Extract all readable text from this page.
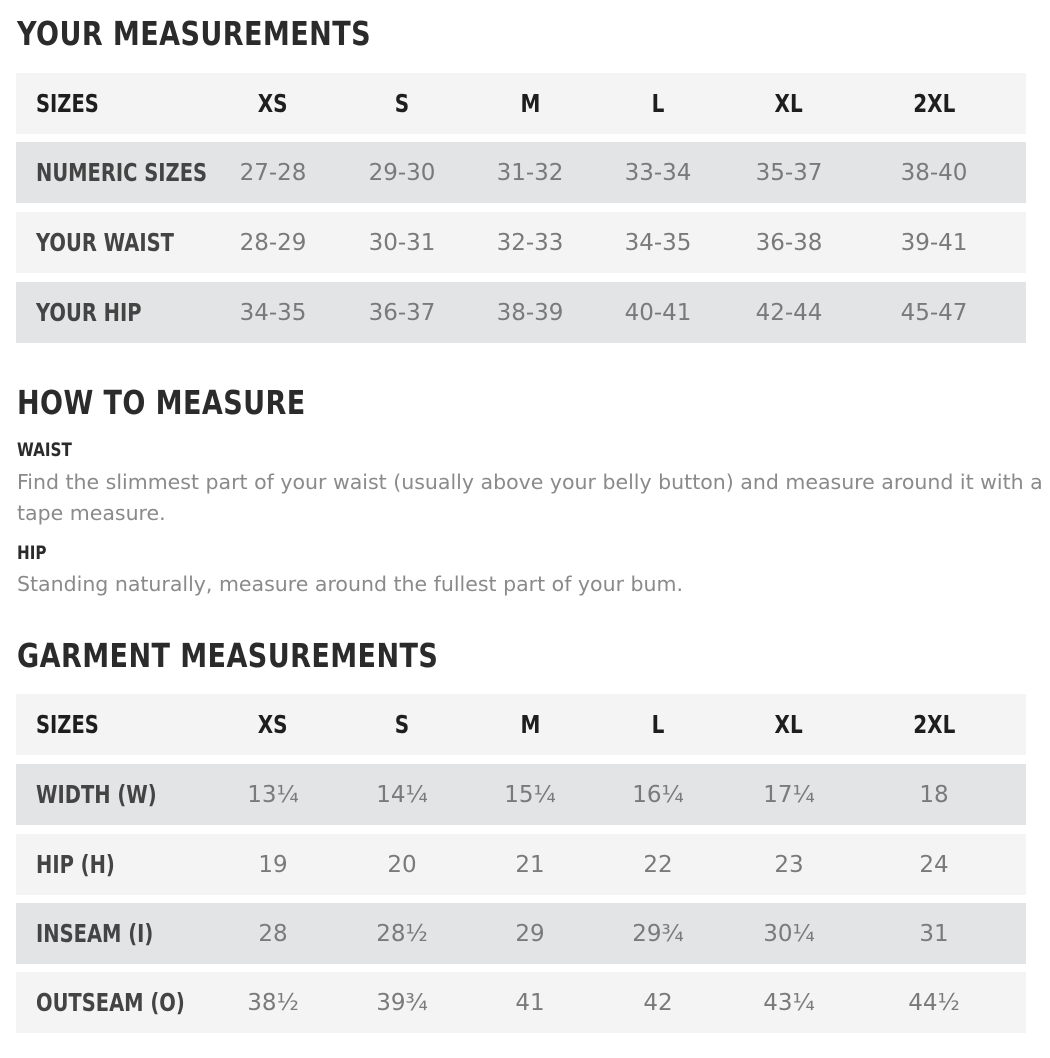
YOUR MEASUREMENTS
SIZES	XS	S	M	L	XL	2XL
NUMERIC SIZES	27-28	29-30	31-32	33-34	35-37	38-40
YOUR WAIST	28-29	30-31	32-33	34-35	36-38	39-41
YOUR HIP	34-35	36-37	38-39	40-41	42-44	45-47
HOW TO MEASURE
WAIST

Find the slimmest part of your waist (usually above your belly button) and measure around it with a tape measure.

HIP

Standing naturally, measure around the fullest part of your bum.

GARMENT MEASUREMENTS
SIZES	XS	S	M	L	XL	2XL
WIDTH (W)	13¼	14¼	15¼	16¼	17¼	18
HIP (H)	19	20	21	22	23	24
INSEAM (I)	28	28½	29	29¾	30¼	31
OUTSEAM (O)	38½	39¾	41	42	43¼	44½
